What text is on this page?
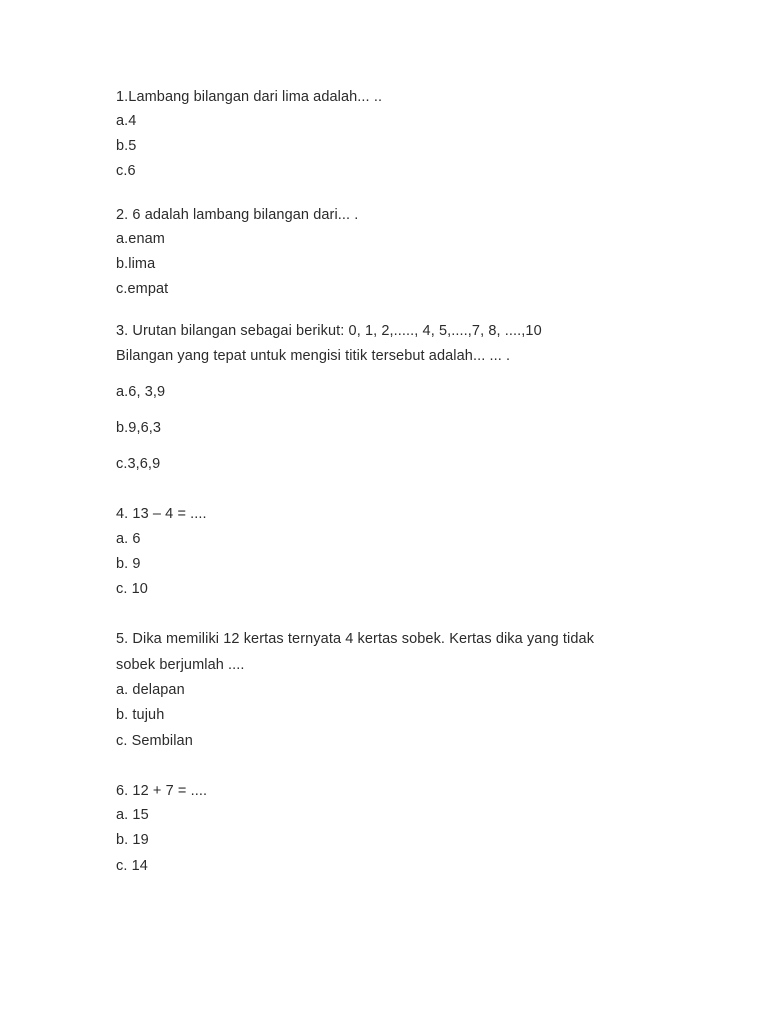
1.Lambang bilangan dari lima adalah... ..
a.4
b.5
c.6
2. 6 adalah lambang bilangan dari... .
a.enam
b.lima
c.empat
3. Urutan bilangan sebagai berikut: 0, 1, 2,....., 4, 5,....,7, 8, ....,10
Bilangan yang tepat untuk mengisi titik tersebut adalah... ... .
a.6, 3,9
b.9,6,3
c.3,6,9
4. 13 – 4 = ....
a. 6
b. 9
c. 10
5. Dika memiliki 12 kertas ternyata 4 kertas sobek. Kertas dika yang tidak
sobek berjumlah ....
a. delapan
b. tujuh
c. Sembilan
6. 12 + 7 = ....
a. 15
b. 19
c. 14
